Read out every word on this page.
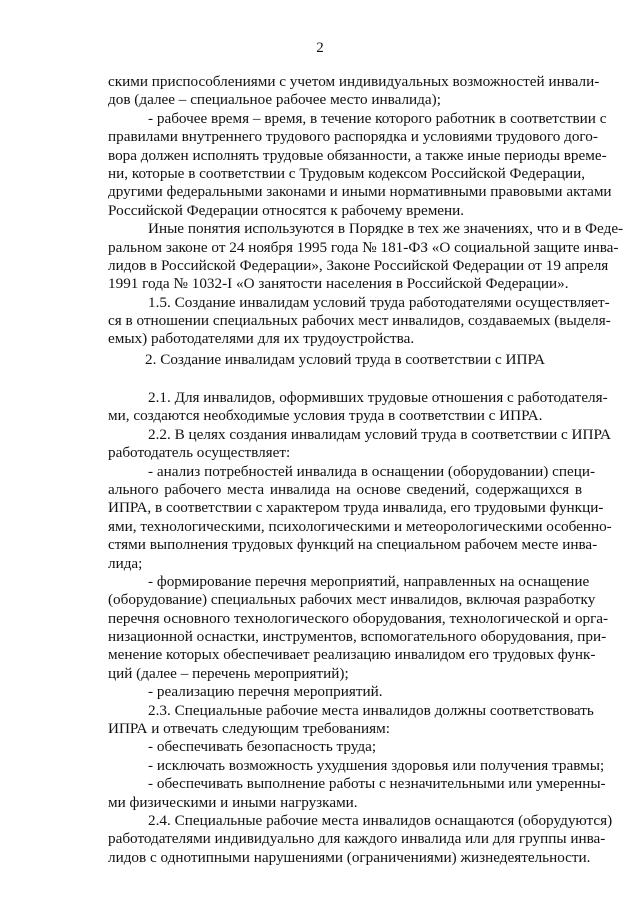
2
скими приспособлениями с учетом индивидуальных возможностей инвали-
дов (далее – специальное рабочее место инвалида);
- рабочее время – время, в течение которого работник в соответствии с
правилами внутреннего трудового распорядка и условиями трудового дого-
вора должен исполнять трудовые обязанности, а также иные периоды време-
ни, которые в соответствии с Трудовым кодексом Российской Федерации,
другими федеральными законами и иными нормативными правовыми актами
Российской Федерации относятся к рабочему времени.
Иные понятия используются в Порядке в тех же значениях, что и в Феде-
ральном законе от 24 ноября 1995 года № 181-ФЗ «О социальной защите инва-
лидов в Российской Федерации», Законе Российской Федерации от 19 апреля
1991 года № 1032-I «О занятости населения в Российской Федерации».
1.5. Создание инвалидам условий труда работодателями осуществляет-
ся в отношении специальных рабочих мест инвалидов, создаваемых (выделя-
емых) работодателями для их трудоустройства.
2. Создание инвалидам условий труда в соответствии с ИПРА
2.1. Для инвалидов, оформивших трудовые отношения с работодателя-
ми, создаются необходимые условия труда в соответствии с ИПРА.
2.2. В целях создания инвалидам условий труда в соответствии с ИПРА
работодатель осуществляет:
- анализ потребностей инвалида в оснащении (оборудовании) специ-
ального рабочего места инвалида на основе сведений, содержащихся в
ИПРА, в соответствии с характером труда инвалида, его трудовыми функци-
ями, технологическими, психологическими и метеорологическими особенно-
стями выполнения трудовых функций на специальном рабочем месте инва-
лида;
- формирование перечня мероприятий, направленных на оснащение
(оборудование) специальных рабочих мест инвалидов, включая разработку
перечня основного технологического оборудования, технологической и орга-
низационной оснастки, инструментов, вспомогательного оборудования, при-
менение которых обеспечивает реализацию инвалидом его трудовых функ-
ций (далее – перечень мероприятий);
- реализацию перечня мероприятий.
2.3. Специальные рабочие места инвалидов должны соответствовать
ИПРА и отвечать следующим требованиям:
- обеспечивать безопасность труда;
- исключать возможность ухудшения здоровья или получения травмы;
- обеспечивать выполнение работы с незначительными или умеренны-
ми физическими и иными нагрузками.
2.4. Специальные рабочие места инвалидов оснащаются (оборудуются)
работодателями индивидуально для каждого инвалида или для группы инва-
лидов с однотипными нарушениями (ограничениями) жизнедеятельности.
